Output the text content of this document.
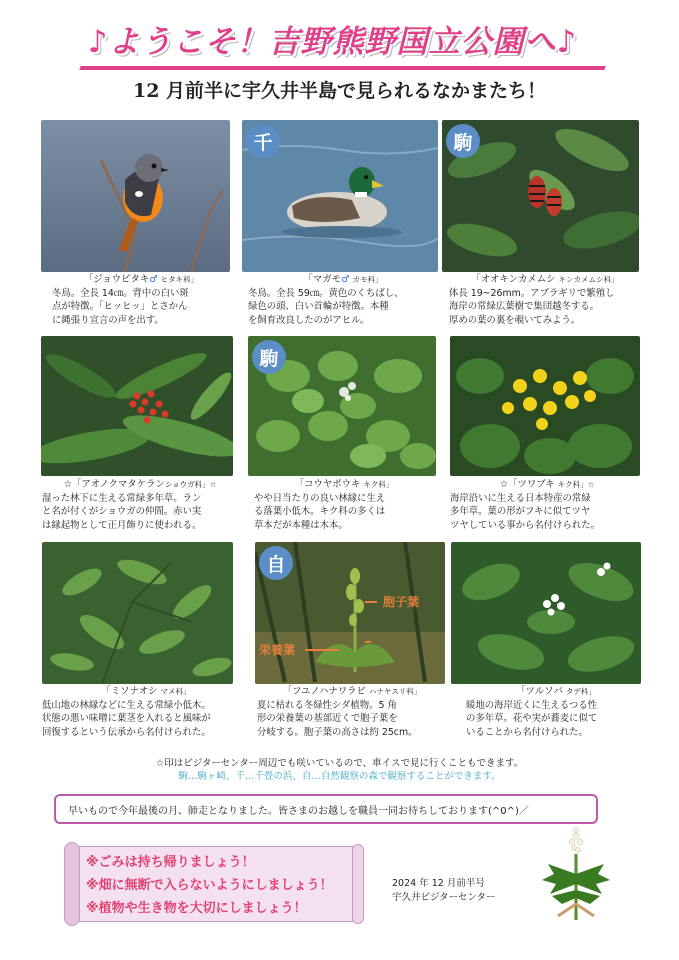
♪ようこそ！吉野熊野国立公園へ♪
12 月前半に宇久井半島で見られるなかまたち！
千	駒
「ジョウビタキ♂ ヒタキ科」
冬鳥。全長 14㎝。背中の白い斑
点が特徴。「ヒッヒッ」とさかん
に縄張り宣言の声を出す。
「マガモ♂ カモ科」
冬鳥。全長 59㎝。黄色のくちばし、
緑色の頭、白い首輪が特徴。本種
を飼育改良したのがアヒル。
「オオキンカメムシ キンカメムシ科」
体長 19~26mm。アブラギリで繁殖し
海岸の常緑広葉樹で集団越冬する。
厚めの葉の裏を覗いてみよう。
駒
☆「アオノクマタケランショウガ科」☆
湿った林下に生える常緑多年草。ラン
と名が付くがショウガの仲間。赤い実
は縁起物として正月飾りに使われる。
「コウヤボウキ キク科」
やや日当たりの良い林縁に生え
る落葉小低木。キク科の多くは
草本だが本種は木本。
☆「ツワブキ キク科」☆
海岸沿いに生える日本特産の常緑
多年草。葉の形がフキに似てツヤ
ツヤしている事から名付けられた。
胞子葉
栄養葉
自
「ミソナオシ マメ科」
低山地の林縁などに生える常緑小低木。
状態の悪い味噌に葉茎を入れると風味が
回復するという伝承から名付けられた。
「フユノハナワラビ ハナヤスリ科」
夏に枯れる冬緑性シダ植物。5 角
形の栄養葉の基部近くで胞子葉を
分岐する。胞子葉の高さは約 25cm。
「ツルソバ タデ科」
暖地の海岸近くに生えるつる性
の多年草。花や実が蕎麦に似て
いることから名付けられた。
☆印はビジターセンター周辺でも咲いているので、車イスで見に行くこともできます。
駒…駒ヶ崎、千…千畳の浜、自…自然観察の森で観察することができます。
早いもので今年最後の月、師走となりました。皆さまのお越しを職員一同お待ちしております(^0^)／
※ごみは持ち帰りましょう！
※畑に無断で入らないようにしましょう！
※植物や生き物を大切にしましょう！
2024 年 12 月前半号
宇久井ビジターセンター
